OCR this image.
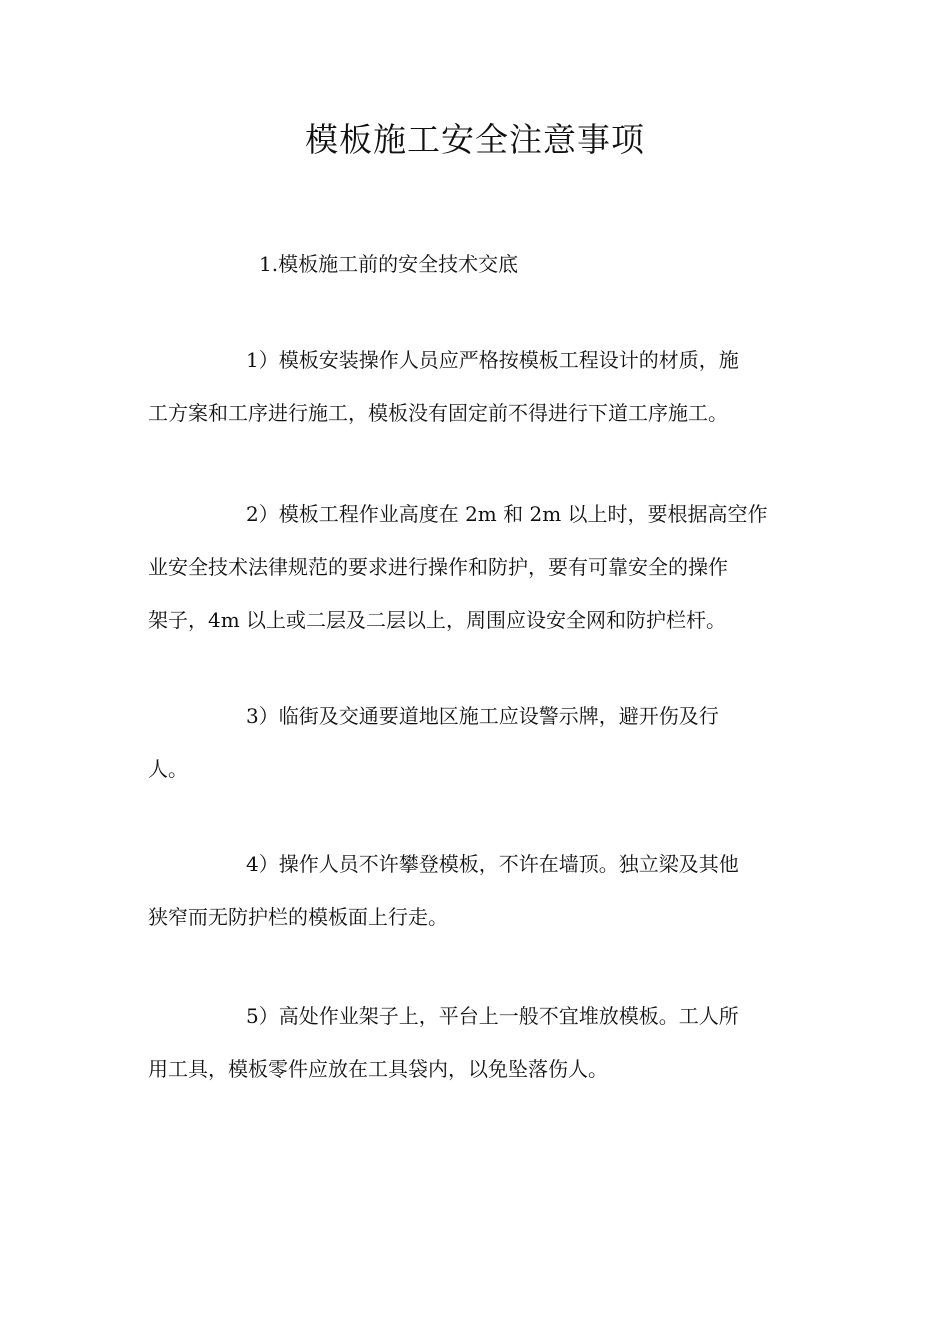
模板施工安全注意事项
1.模板施工前的安全技术交底
1）模板安装操作人员应严格按模板工程设计的材质，施
工方案和工序进行施工，模板没有固定前不得进行下道工序施工。
2）模板工程作业高度在 2m 和 2m 以上时，要根据高空作
业安全技术法律规范的要求进行操作和防护，要有可靠安全的操作
架子，4m 以上或二层及二层以上，周围应设安全网和防护栏杆。
3）临街及交通要道地区施工应设警示牌，避开伤及行
人。
4）操作人员不许攀登模板，不许在墙顶。独立梁及其他
狭窄而无防护栏的模板面上行走。
5）高处作业架子上，平台上一般不宜堆放模板。工人所
用工具，模板零件应放在工具袋内，以免坠落伤人。
